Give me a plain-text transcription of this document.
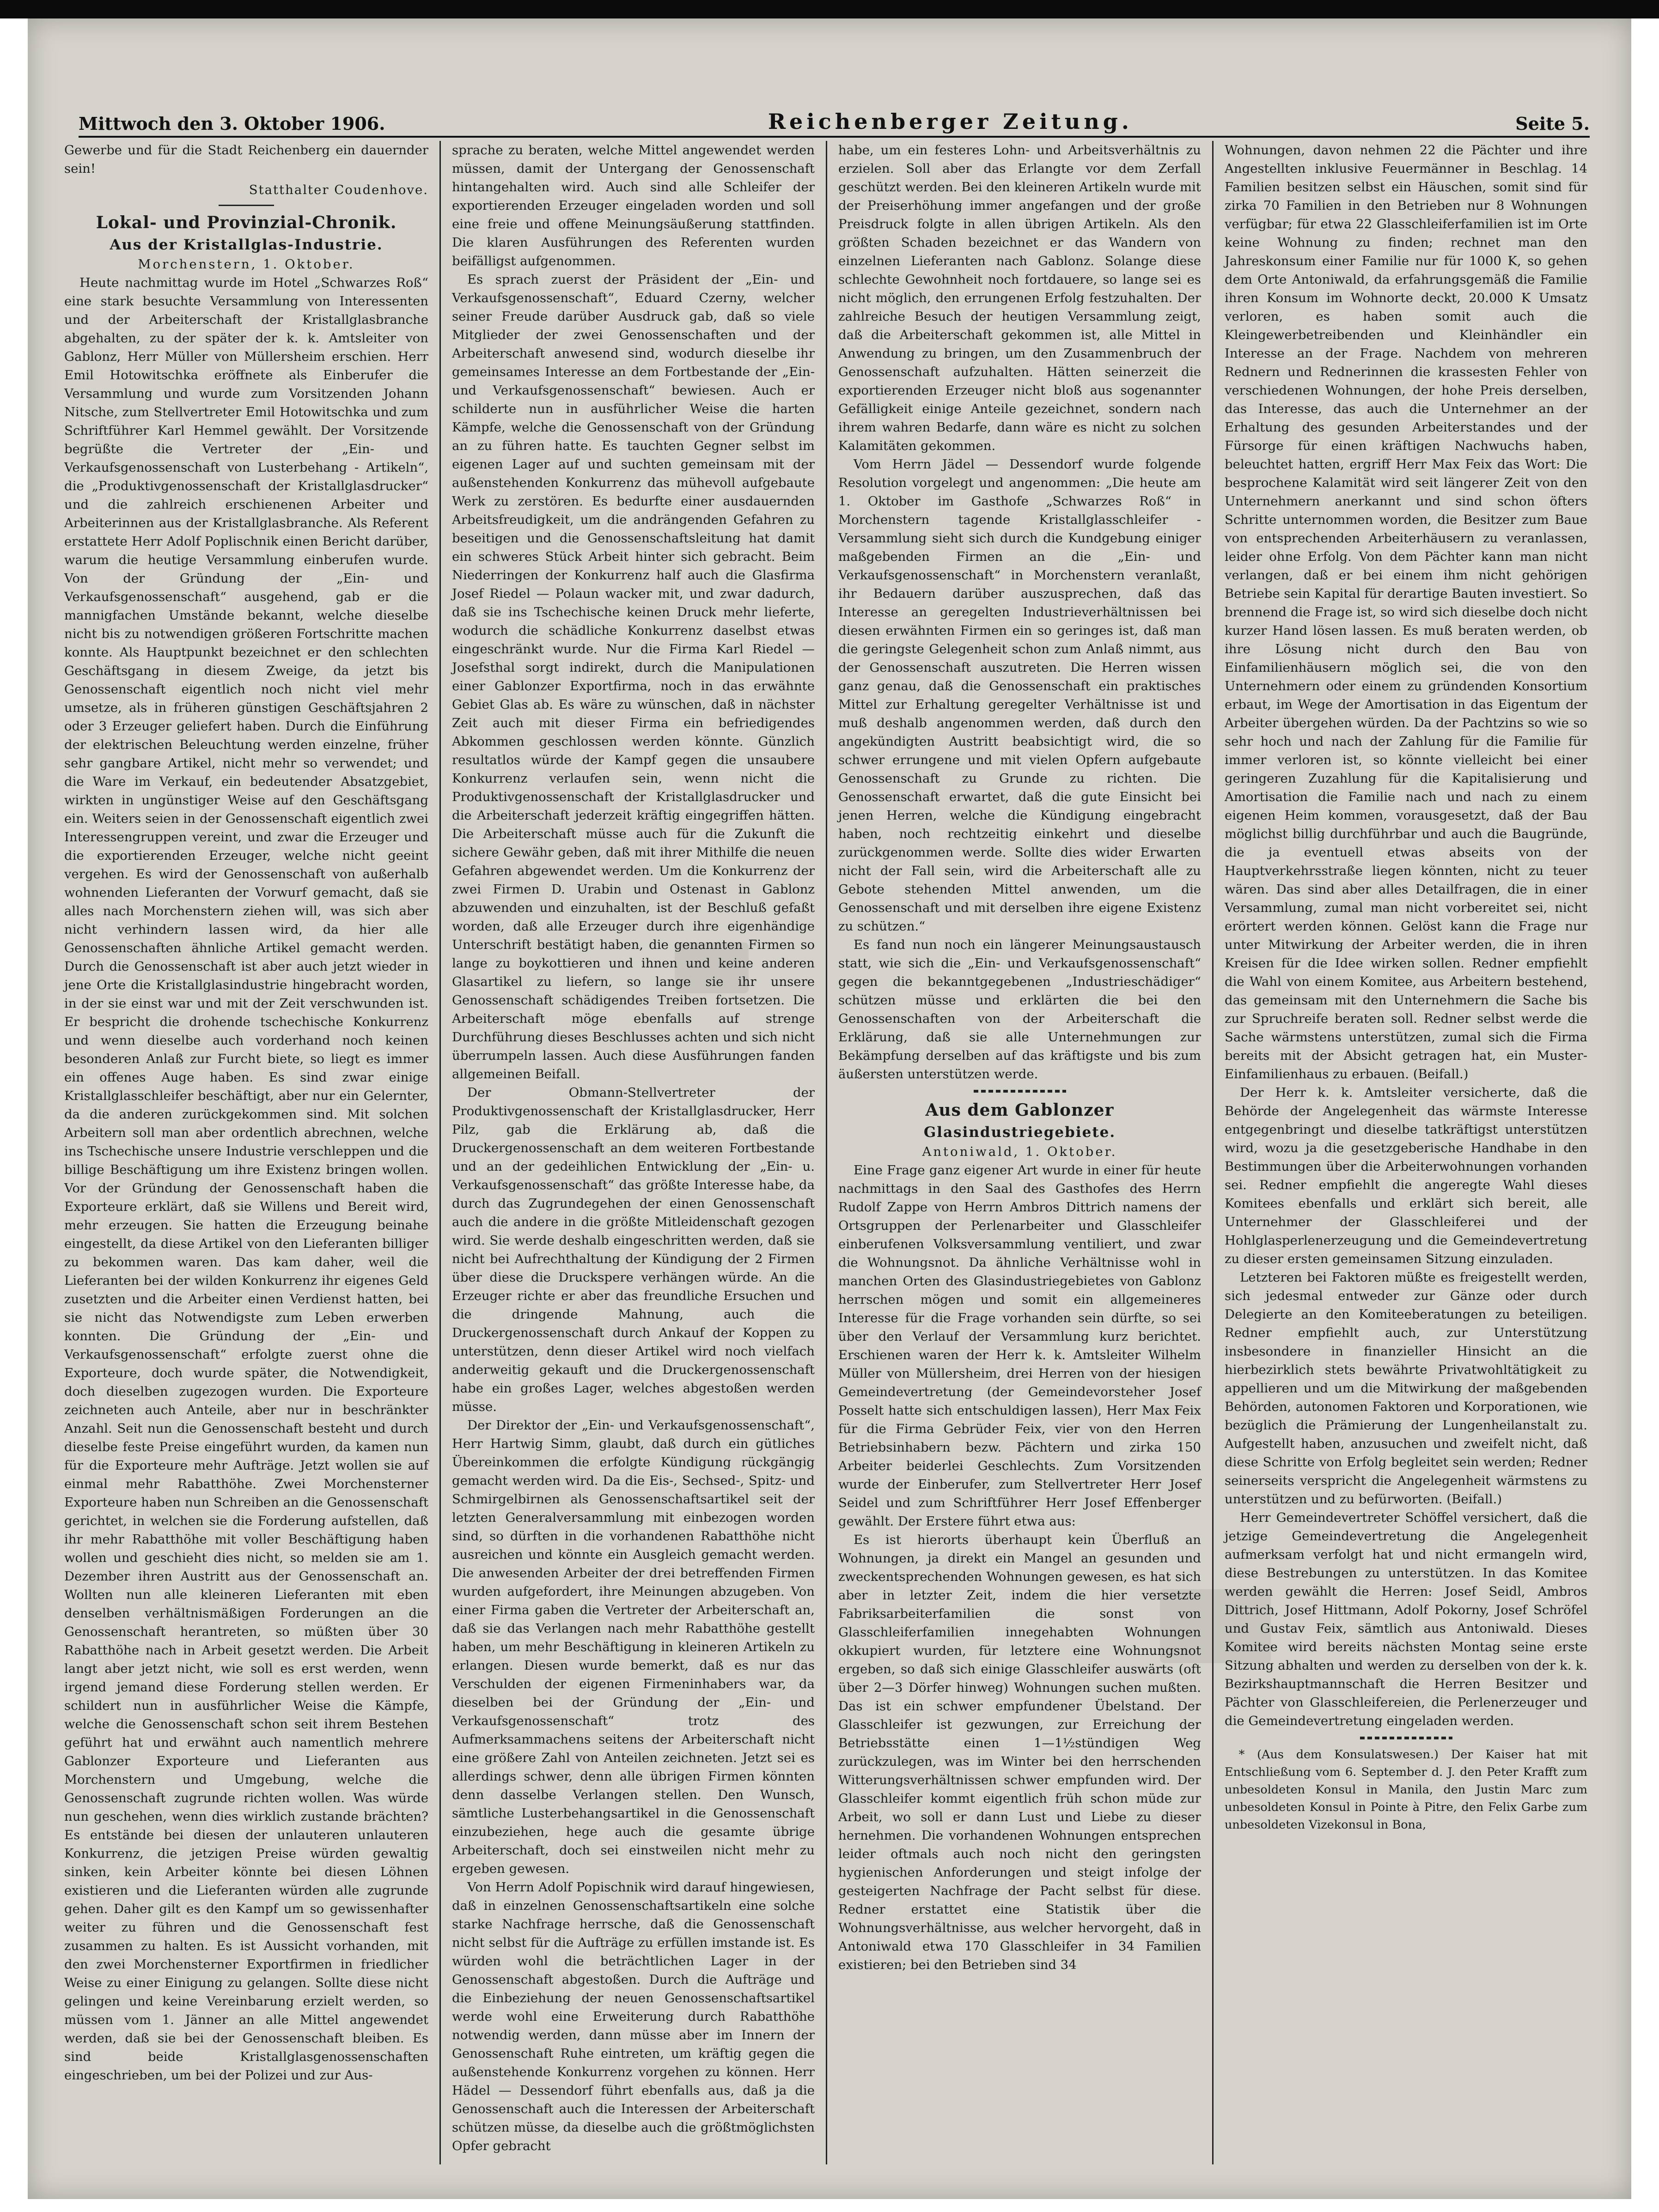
Mittwoch den 3. Oktober 1906.	Reichenberger Zeitung.	Seite 5.

Gewerbe und für die Stadt Reichenberg ein dauernder sein!

Statthalter Coudenhove.
Lokal- und Provinzial-Chronik.
Aus der Kristallglas-Industrie.
Morchenstern, 1. Oktober.

Heute nachmittag wurde im Hotel „Schwarzes Roß“ eine stark besuchte Versammlung von Interessenten und der Arbeiterschaft der Kristallglasbranche abgehalten, zu der später der k. k. Amtsleiter von Gablonz, Herr Müller von Müllersheim erschien. Herr Emil Hotowitschka eröffnete als Einberufer die Versammlung und wurde zum Vorsitzenden Johann Nitsche, zum Stellvertreter Emil Hotowitschka und zum Schriftführer Karl Hemmel gewählt. Der Vorsitzende begrüßte die Vertreter der „Ein- und Verkaufsgenossenschaft von Lusterbehang - Artikeln“, die „Produktivgenossenschaft der Kristallglasdrucker“ und die zahlreich erschienenen Arbeiter und Arbeiterinnen aus der Kristallglasbranche. Als Referent erstattete Herr Adolf Poplischnik einen Bericht darüber, warum die heutige Versammlung einberufen wurde. Von der Gründung der „Ein- und Verkaufsgenossenschaft“ ausgehend, gab er die mannigfachen Umstände bekannt, welche dieselbe nicht bis zu notwendigen größeren Fortschritte machen konnte. Als Hauptpunkt bezeichnet er den schlechten Geschäftsgang in diesem Zweige, da jetzt bis Genossenschaft eigentlich noch nicht viel mehr umsetze, als in früheren günstigen Geschäftsjahren 2 oder 3 Erzeuger geliefert haben. Durch die Einführung der elektrischen Beleuchtung werden einzelne, früher sehr gangbare Artikel, nicht mehr so verwendet; und die Ware im Verkauf, ein bedeutender Absatzgebiet, wirkten in ungünstiger Weise auf den Geschäftsgang ein. Weiters seien in der Genossenschaft eigentlich zwei Interessengruppen vereint, und zwar die Erzeuger und die exportierenden Erzeuger, welche nicht geeint vergehen. Es wird der Genossenschaft von außerhalb wohnenden Lieferanten der Vorwurf gemacht, daß sie alles nach Morchenstern ziehen will, was sich aber nicht verhindern lassen wird, da hier alle Genossenschaften ähnliche Artikel gemacht werden. Durch die Genossenschaft ist aber auch jetzt wieder in jene Orte die Kristallglasindustrie hingebracht worden, in der sie einst war und mit der Zeit verschwunden ist. Er bespricht die drohende tschechische Konkurrenz und wenn dieselbe auch vorderhand noch keinen besonderen Anlaß zur Furcht biete, so liegt es immer ein offenes Auge haben. Es sind zwar einige Kristallglasschleifer beschäftigt, aber nur ein Gelernter, da die anderen zurückgekommen sind. Mit solchen Arbeitern soll man aber ordentlich abrechnen, welche ins Tschechische unsere Industrie verschleppen und die billige Beschäftigung um ihre Existenz bringen wollen. Vor der Gründung der Genossenschaft haben die Exporteure erklärt, daß sie Willens und Bereit wird, mehr erzeugen. Sie hatten die Erzeugung beinahe eingestellt, da diese Artikel von den Lieferanten billiger zu bekommen waren. Das kam daher, weil die Lieferanten bei der wilden Konkurrenz ihr eigenes Geld zusetzten und die Arbeiter einen Verdienst hatten, bei sie nicht das Notwendigste zum Leben erwerben konnten. Die Gründung der „Ein- und Verkaufsgenossenschaft“ erfolgte zuerst ohne die Exporteure, doch wurde später, die Notwendigkeit, doch dieselben zugezogen wurden. Die Exporteure zeichneten auch Anteile, aber nur in beschränkter Anzahl. Seit nun die Genossenschaft besteht und durch dieselbe feste Preise eingeführt wurden, da kamen nun für die Exporteure mehr Aufträge. Jetzt wollen sie auf einmal mehr Rabatthöhe. Zwei Morchensterner Exporteure haben nun Schreiben an die Genossenschaft gerichtet, in welchen sie die Forderung aufstellen, daß ihr mehr Rabatthöhe mit voller Beschäftigung haben wollen und geschieht dies nicht, so melden sie am 1. Dezember ihren Austritt aus der Genossenschaft an. Wollten nun alle kleineren Lieferanten mit eben denselben verhältnismäßigen Forderungen an die Genossenschaft herantreten, so müßten über 30 Rabatthöhe nach in Arbeit gesetzt werden. Die Arbeit langt aber jetzt nicht, wie soll es erst werden, wenn irgend jemand diese Forderung stellen werden. Er schildert nun in ausführlicher Weise die Kämpfe, welche die Genossenschaft schon seit ihrem Bestehen geführt hat und erwähnt auch namentlich mehrere Gablonzer Exporteure und Lieferanten aus Morchenstern und Umgebung, welche die Genossenschaft zugrunde richten wollen. Was würde nun geschehen, wenn dies wirklich zustande brächten? Es entstände bei diesen der unlauteren unlauteren Konkurrenz, die jetzigen Preise würden gewaltig sinken, kein Arbeiter könnte bei diesen Löhnen existieren und die Lieferanten würden alle zugrunde gehen. Daher gilt es den Kampf um so gewissenhafter weiter zu führen und die Genossenschaft fest zusammen zu halten. Es ist Aussicht vorhanden, mit den zwei Morchensterner Exportfirmen in friedlicher Weise zu einer Einigung zu gelangen. Sollte diese nicht gelingen und keine Vereinbarung erzielt werden, so müssen vom 1. Jänner an alle Mittel angewendet werden, daß sie bei der Genossenschaft bleiben. Es sind beide Kristallglasgenossenschaften eingeschrieben, um bei der Polizei und zur Aus-

sprache zu beraten, welche Mittel angewendet werden müssen, damit der Untergang der Genossenschaft hintangehalten wird. Auch sind alle Schleifer der exportierenden Erzeuger eingeladen worden und soll eine freie und offene Meinungsäußerung stattfinden. Die klaren Ausführungen des Referenten wurden beifälligst aufgenommen.

Es sprach zuerst der Präsident der „Ein- und Verkaufsgenossenschaft“, Eduard Czerny, welcher seiner Freude darüber Ausdruck gab, daß so viele Mitglieder der zwei Genossenschaften und der Arbeiterschaft anwesend sind, wodurch dieselbe ihr gemeinsames Interesse an dem Fortbestande der „Ein- und Verkaufsgenossenschaft“ bewiesen. Auch er schilderte nun in ausführlicher Weise die harten Kämpfe, welche die Genossenschaft von der Gründung an zu führen hatte. Es tauchten Gegner selbst im eigenen Lager auf und suchten gemeinsam mit der außenstehenden Konkurrenz das mühevoll aufgebaute Werk zu zerstören. Es bedurfte einer ausdauernden Arbeitsfreudigkeit, um die andrängenden Gefahren zu beseitigen und die Genossenschaftsleitung hat damit ein schweres Stück Arbeit hinter sich gebracht. Beim Niederringen der Konkurrenz half auch die Glasfirma Josef Riedel — Polaun wacker mit, und zwar dadurch, daß sie ins Tschechische keinen Druck mehr lieferte, wodurch die schädliche Konkurrenz daselbst etwas eingeschränkt wurde. Nur die Firma Karl Riedel — Josefsthal sorgt indirekt, durch die Manipulationen einer Gablonzer Exportfirma, noch in das erwähnte Gebiet Glas ab. Es wäre zu wünschen, daß in nächster Zeit auch mit dieser Firma ein befriedigendes Abkommen geschlossen werden könnte. Günzlich resultatlos würde der Kampf gegen die unsaubere Konkurrenz verlaufen sein, wenn nicht die Produktivgenossenschaft der Kristallglasdrucker und die Arbeiterschaft jederzeit kräftig eingegriffen hätten. Die Arbeiterschaft müsse auch für die Zukunft die sichere Gewähr geben, daß mit ihrer Mithilfe die neuen Gefahren abgewendet werden. Um die Konkurrenz der zwei Firmen D. Urabin und Ostenast in Gablonz abzuwenden und einzuhalten, ist der Beschluß gefaßt worden, daß alle Erzeuger durch ihre eigenhändige Unterschrift bestätigt haben, die genannten Firmen so lange zu boykottieren und ihnen und keine anderen Glasartikel zu liefern, so lange sie ihr unsere Genossenschaft schädigendes Treiben fortsetzen. Die Arbeiterschaft möge ebenfalls auf strenge Durchführung dieses Beschlusses achten und sich nicht überrumpeln lassen. Auch diese Ausführungen fanden allgemeinen Beifall.

Der Obmann-Stellvertreter der Produktivgenossenschaft der Kristallglasdrucker, Herr Pilz, gab die Erklärung ab, daß die Druckergenossenschaft an dem weiteren Fortbestande und an der gedeihlichen Entwicklung der „Ein- u. Verkaufsgenossenschaft“ das größte Interesse habe, da durch das Zugrundegehen der einen Genossenschaft auch die andere in die größte Mitleidenschaft gezogen wird. Sie werde deshalb eingeschritten werden, daß sie nicht bei Aufrechthaltung der Kündigung der 2 Firmen über diese die Druckspere verhängen würde. An die Erzeuger richte er aber das freundliche Ersuchen und die dringende Mahnung, auch die Druckergenossenschaft durch Ankauf der Koppen zu unterstützen, denn dieser Artikel wird noch vielfach anderweitig gekauft und die Druckergenossenschaft habe ein großes Lager, welches abgestoßen werden müsse.

Der Direktor der „Ein- und Verkaufsgenossenschaft“, Herr Hartwig Simm, glaubt, daß durch ein gütliches Übereinkommen die erfolgte Kündigung rückgängig gemacht werden wird. Da die Eis-, Sechsed-, Spitz- und Schmirgelbirnen als Genossenschaftsartikel seit der letzten Generalversammlung mit einbezogen worden sind, so dürften in die vorhandenen Rabatthöhe nicht ausreichen und könnte ein Ausgleich gemacht werden. Die anwesenden Arbeiter der drei betreffenden Firmen wurden aufgefordert, ihre Meinungen abzugeben. Von einer Firma gaben die Vertreter der Arbeiterschaft an, daß sie das Verlangen nach mehr Rabatthöhe gestellt haben, um mehr Beschäftigung in kleineren Artikeln zu erlangen. Diesen wurde bemerkt, daß es nur das Verschulden der eigenen Firmeninhabers war, da dieselben bei der Gründung der „Ein- und Verkaufsgenossenschaft“ trotz des Aufmerksammachens seitens der Arbeiterschaft nicht eine größere Zahl von Anteilen zeichneten. Jetzt sei es allerdings schwer, denn alle übrigen Firmen könnten denn dasselbe Verlangen stellen. Den Wunsch, sämtliche Lusterbehangsartikel in die Genossenschaft einzubeziehen, hege auch die gesamte übrige Arbeiterschaft, doch sei einstweilen nicht mehr zu ergeben gewesen.

Von Herrn Adolf Popischnik wird darauf hingewiesen, daß in einzelnen Genossenschaftsartikeln eine solche starke Nachfrage herrsche, daß die Genossenschaft nicht selbst für die Aufträge zu erfüllen imstande ist. Es würden wohl die beträchtlichen Lager in der Genossenschaft abgestoßen. Durch die Aufträge und die Einbeziehung der neuen Genossenschaftsartikel werde wohl eine Erweiterung durch Rabatthöhe notwendig werden, dann müsse aber im Innern der Genossenschaft Ruhe eintreten, um kräftig gegen die außenstehende Konkurrenz vorgehen zu können. Herr Hädel — Dessendorf führt ebenfalls aus, daß ja die Genossenschaft auch die Interessen der Arbeiterschaft schützen müsse, da dieselbe auch die größtmöglichsten Opfer gebracht

habe, um ein festeres Lohn- und Arbeitsverhältnis zu erzielen. Soll aber das Erlangte vor dem Zerfall geschützt werden. Bei den kleineren Artikeln wurde mit der Preiserhöhung immer angefangen und der große Preisdruck folgte in allen übrigen Artikeln. Als den größten Schaden bezeichnet er das Wandern von einzelnen Lieferanten nach Gablonz. Solange diese schlechte Gewohnheit noch fortdauere, so lange sei es nicht möglich, den errungenen Erfolg festzuhalten. Der zahlreiche Besuch der heutigen Versammlung zeigt, daß die Arbeiterschaft gekommen ist, alle Mittel in Anwendung zu bringen, um den Zusammenbruch der Genossenschaft aufzuhalten. Hätten seinerzeit die exportierenden Erzeuger nicht bloß aus sogenannter Gefälligkeit einige Anteile gezeichnet, sondern nach ihrem wahren Bedarfe, dann wäre es nicht zu solchen Kalamitäten gekommen.

Vom Herrn Jädel — Dessendorf wurde folgende Resolution vorgelegt und angenommen: „Die heute am 1. Oktober im Gasthofe „Schwarzes Roß“ in Morchenstern tagende Kristallglasschleifer - Versammlung sieht sich durch die Kundgebung einiger maßgebenden Firmen an die „Ein- und Verkaufsgenossenschaft“ in Morchenstern veranlaßt, ihr Bedauern darüber auszusprechen, daß das Interesse an geregelten Industrieverhältnissen bei diesen erwähnten Firmen ein so geringes ist, daß man die geringste Gelegenheit schon zum Anlaß nimmt, aus der Genossenschaft auszutreten. Die Herren wissen ganz genau, daß die Genossenschaft ein praktisches Mittel zur Erhaltung geregelter Verhältnisse ist und muß deshalb angenommen werden, daß durch den angekündigten Austritt beabsichtigt wird, die so schwer errungene und mit vielen Opfern aufgebaute Genossenschaft zu Grunde zu richten. Die Genossenschaft erwartet, daß die gute Einsicht bei jenen Herren, welche die Kündigung eingebracht haben, noch rechtzeitig einkehrt und dieselbe zurückgenommen werde. Sollte dies wider Erwarten nicht der Fall sein, wird die Arbeiterschaft alle zu Gebote stehenden Mittel anwenden, um die Genossenschaft und mit derselben ihre eigene Existenz zu schützen.“

Es fand nun noch ein längerer Meinungsaustausch statt, wie sich die „Ein- und Verkaufsgenossenschaft“ gegen die bekanntgegebenen „Industrieschädiger“ schützen müsse und erklärten die bei den Genossenschaften von der Arbeiterschaft die Erklärung, daß sie alle Unternehmungen zur Bekämpfung derselben auf das kräftigste und bis zum äußersten unterstützen werde.

Aus dem Gablonzer
Glasindustriegebiete.
Antoniwald, 1. Oktober.

Eine Frage ganz eigener Art wurde in einer für heute nachmittags in den Saal des Gasthofes des Herrn Rudolf Zappe von Herrn Ambros Dittrich namens der Ortsgruppen der Perlenarbeiter und Glasschleifer einberufenen Volksversammlung ventiliert, und zwar die Wohnungsnot. Da ähnliche Verhältnisse wohl in manchen Orten des Glasindustriegebietes von Gablonz herrschen mögen und somit ein allgemeineres Interesse für die Frage vorhanden sein dürfte, so sei über den Verlauf der Versammlung kurz berichtet. Erschienen waren der Herr k. k. Amtsleiter Wilhelm Müller von Müllersheim, drei Herren von der hiesigen Gemeindevertretung (der Gemeindevorsteher Josef Posselt hatte sich entschuldigen lassen), Herr Max Feix für die Firma Gebrüder Feix, vier von den Herren Betriebsinhabern bezw. Pächtern und zirka 150 Arbeiter beiderlei Geschlechts. Zum Vorsitzenden wurde der Einberufer, zum Stellvertreter Herr Josef Seidel und zum Schriftführer Herr Josef Effenberger gewählt. Der Erstere führt etwa aus:

Es ist hierorts überhaupt kein Überfluß an Wohnungen, ja direkt ein Mangel an gesunden und zweckentsprechenden Wohnungen gewesen, es hat sich aber in letzter Zeit, indem die hier versetzte Fabriksarbeiterfamilien die sonst von Glasschleiferfamilien innegehabten Wohnungen okkupiert wurden, für letztere eine Wohnungsnot ergeben, so daß sich einige Glasschleifer auswärts (oft über 2—3 Dörfer hinweg) Wohnungen suchen mußten. Das ist ein schwer empfundener Übelstand. Der Glasschleifer ist gezwungen, zur Erreichung der Betriebsstätte einen 1—1½stündigen Weg zurückzulegen, was im Winter bei den herrschenden Witterungsverhältnissen schwer empfunden wird. Der Glasschleifer kommt eigentlich früh schon müde zur Arbeit, wo soll er dann Lust und Liebe zu dieser hernehmen. Die vorhandenen Wohnungen entsprechen leider oftmals auch noch nicht den geringsten hygienischen Anforderungen und steigt infolge der gesteigerten Nachfrage der Pacht selbst für diese. Redner erstattet eine Statistik über die Wohnungsverhältnisse, aus welcher hervorgeht, daß in Antoniwald etwa 170 Glasschleifer in 34 Familien existieren; bei den Betrieben sind 34

Wohnungen, davon nehmen 22 die Pächter und ihre Angestellten inklusive Feuermänner in Beschlag. 14 Familien besitzen selbst ein Häuschen, somit sind für zirka 70 Familien in den Betrieben nur 8 Wohnungen verfügbar; für etwa 22 Glasschleiferfamilien ist im Orte keine Wohnung zu finden; rechnet man den Jahreskonsum einer Familie nur für 1000 K, so gehen dem Orte Antoniwald, da erfahrungsgemäß die Familie ihren Konsum im Wohnorte deckt, 20.000 K Umsatz verloren, es haben somit auch die Kleingewerbetreibenden und Kleinhändler ein Interesse an der Frage. Nachdem von mehreren Rednern und Rednerinnen die krassesten Fehler von verschiedenen Wohnungen, der hohe Preis derselben, das Interesse, das auch die Unternehmer an der Erhaltung des gesunden Arbeiterstandes und der Fürsorge für einen kräftigen Nachwuchs haben, beleuchtet hatten, ergriff Herr Max Feix das Wort: Die besprochene Kalamität wird seit längerer Zeit von den Unternehmern anerkannt und sind schon öfters Schritte unternommen worden, die Besitzer zum Baue von entsprechenden Arbeiterhäusern zu veranlassen, leider ohne Erfolg. Von dem Pächter kann man nicht verlangen, daß er bei einem ihm nicht gehörigen Betriebe sein Kapital für derartige Bauten investiert. So brennend die Frage ist, so wird sich dieselbe doch nicht kurzer Hand lösen lassen. Es muß beraten werden, ob ihre Lösung nicht durch den Bau von Einfamilienhäusern möglich sei, die von den Unternehmern oder einem zu gründenden Konsortium erbaut, im Wege der Amortisation in das Eigentum der Arbeiter übergehen würden. Da der Pachtzins so wie so sehr hoch und nach der Zahlung für die Familie für immer verloren ist, so könnte vielleicht bei einer geringeren Zuzahlung für die Kapitalisierung und Amortisation die Familie nach und nach zu einem eigenen Heim kommen, vorausgesetzt, daß der Bau möglichst billig durchführbar und auch die Baugründe, die ja eventuell etwas abseits von der Hauptverkehrsstraße liegen könnten, nicht zu teuer wären. Das sind aber alles Detailfragen, die in einer Versammlung, zumal man nicht vorbereitet sei, nicht erörtert werden können. Gelöst kann die Frage nur unter Mitwirkung der Arbeiter werden, die in ihren Kreisen für die Idee wirken sollen. Redner empfiehlt die Wahl von einem Komitee, aus Arbeitern bestehend, das gemeinsam mit den Unternehmern die Sache bis zur Spruchreife beraten soll. Redner selbst werde die Sache wärmstens unterstützen, zumal sich die Firma bereits mit der Absicht getragen hat, ein Muster-Einfamilienhaus zu erbauen. (Beifall.)

Der Herr k. k. Amtsleiter versicherte, daß die Behörde der Angelegenheit das wärmste Interesse entgegenbringt und dieselbe tatkräftigst unterstützen wird, wozu ja die gesetzgeberische Handhabe in den Bestimmungen über die Arbeiterwohnungen vorhanden sei. Redner empfiehlt die angeregte Wahl dieses Komitees ebenfalls und erklärt sich bereit, alle Unternehmer der Glasschleiferei und der Hohlglasperlenerzeugung und die Gemeindevertretung zu dieser ersten gemeinsamen Sitzung einzuladen.

Letzteren bei Faktoren müßte es freigestellt werden, sich jedesmal entweder zur Gänze oder durch Delegierte an den Komiteeberatungen zu beteiligen. Redner empfiehlt auch, zur Unterstützung insbesondere in finanzieller Hinsicht an die hierbezirklich stets bewährte Privatwohltätigkeit zu appellieren und um die Mitwirkung der maßgebenden Behörden, autonomen Faktoren und Korporationen, wie bezüglich die Prämierung der Lungenheilanstalt zu. Aufgestellt haben, anzusuchen und zweifelt nicht, daß diese Schritte von Erfolg begleitet sein werden; Redner seinerseits verspricht die Angelegenheit wärmstens zu unterstützen und zu befürworten. (Beifall.)

Herr Gemeindevertreter Schöffel versichert, daß die jetzige Gemeindevertretung die Angelegenheit aufmerksam verfolgt hat und nicht ermangeln wird, diese Bestrebungen zu unterstützen. In das Komitee werden gewählt die Herren: Josef Seidl, Ambros Dittrich, Josef Hittmann, Adolf Pokorny, Josef Schröfel und Gustav Feix, sämtlich aus Antoniwald. Dieses Komitee wird bereits nächsten Montag seine erste Sitzung abhalten und werden zu derselben von der k. k. Bezirkshauptmannschaft die Herren Besitzer und Pächter von Glasschleifereien, die Perlenerzeuger und die Gemeindevertretung eingeladen werden.

* (Aus dem Konsulatswesen.) Der Kaiser hat mit Entschließung vom 6. September d. J. den Peter Krafft zum unbesoldeten Konsul in Manila, den Justin Marc zum unbesoldeten Konsul in Pointe à Pitre, den Felix Garbe zum unbesoldeten Vizekonsul in Bona,
